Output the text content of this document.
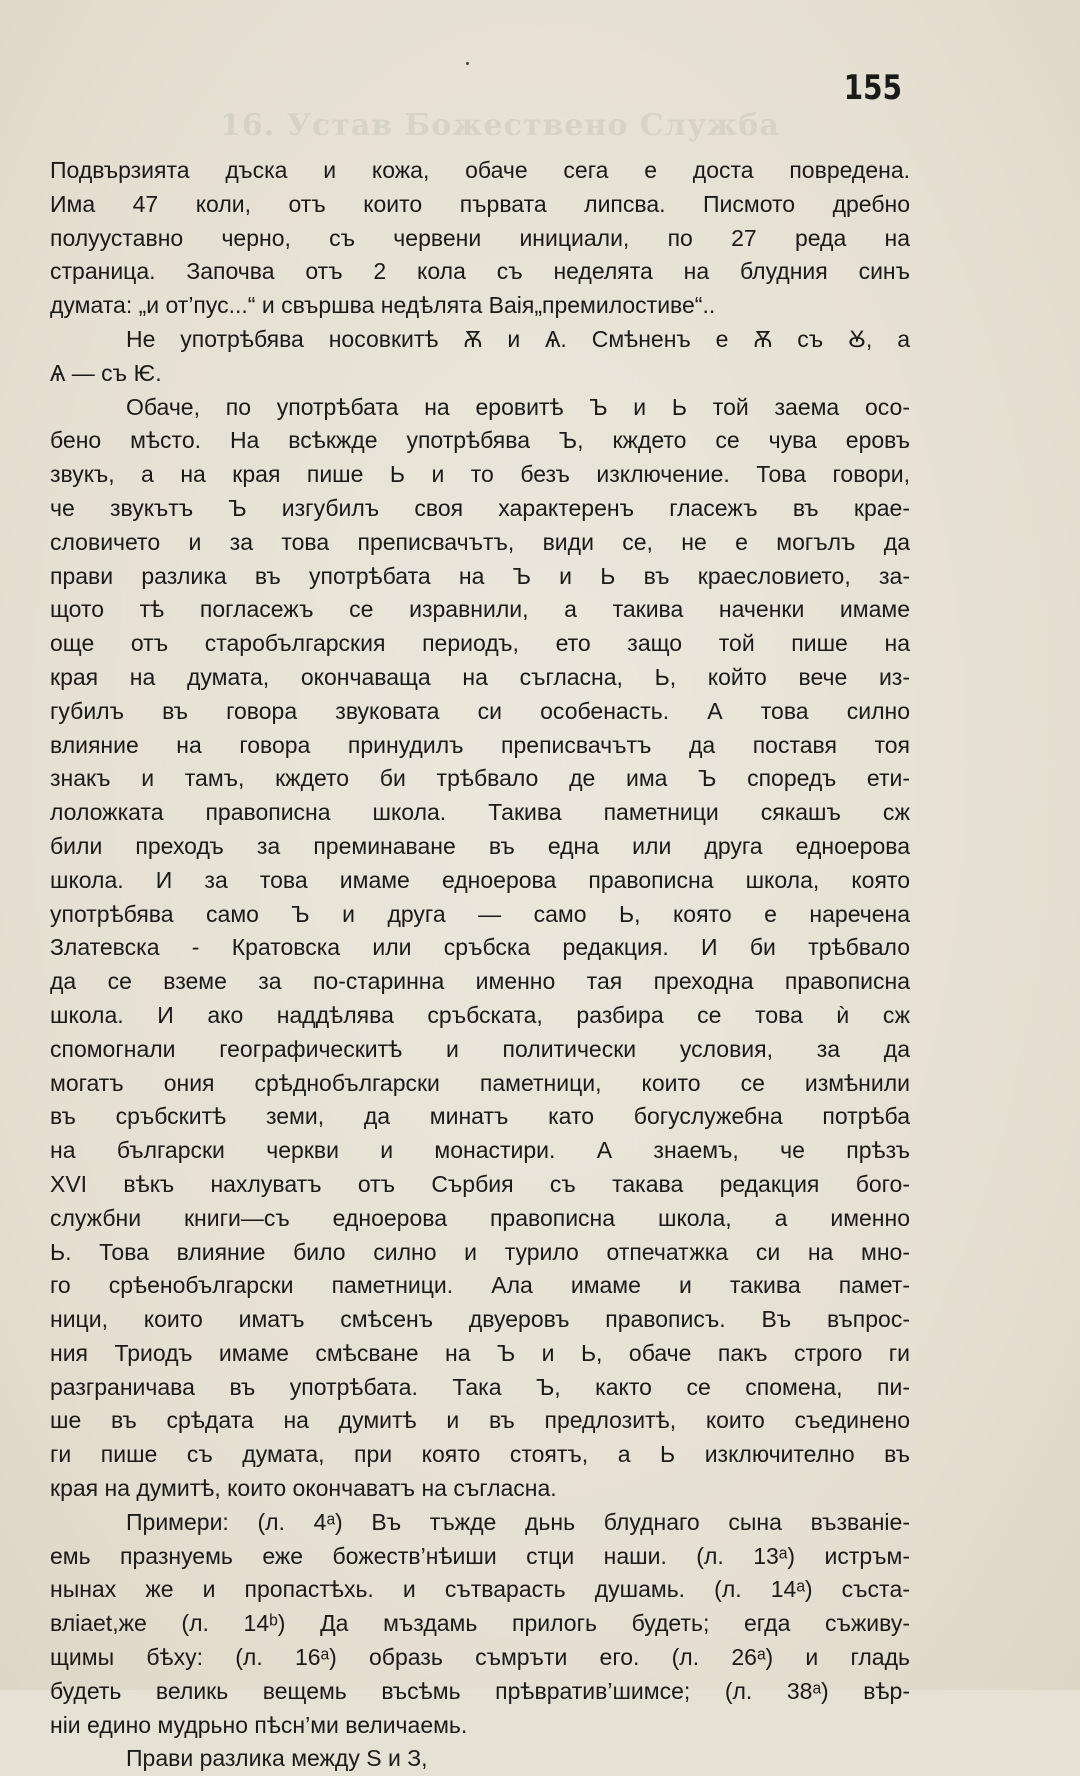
16. Устав Божествено Служба
155
Подвързията дъска и кожа, обаче сега е доста повредена.
Има 47 коли, отъ които първата липсва. Писмото дребно
полууставно черно, съ червени инициали, по 27 реда на
страница. Започва отъ 2 кола съ неделята на блудния синъ
думата: „и от’пус...“ и свършва недѣлята Ваія„премилостиве“..
Не употрѣбява носовкитѣ Ѫ и Ѧ. Смѣненъ е Ѫ съ Ꙋ, а
Ѧ — съ Ѥ.
Обаче, по употрѣбата на еровитѣ Ъ и Ь той заема осо-
бено мѣсто. На всѣкждe употрѣбява Ъ, кждето се чува еровъ
звукъ, а на края пише Ь и то безъ изключение. Това говори,
че звукътъ Ъ изгубилъ своя характеренъ гласежъ въ крае-
словичето и за това преписвачътъ, види се, не е могълъ да
прави разлика въ употрѣбата на Ъ и Ь въ краесловието, за-
щото тѣ погласежъ се изравнили, а такива наченки имаме
още отъ старобългарския периодъ, ето защо той пише на
края на думата, окончаваща на съгласна, Ь, който вече из-
губилъ въ говора звуковата си особенасть. А това силно
влияние на говора принудилъ преписвачътъ да поставя тоя
знакъ и тамъ, кждето би трѣбвало де има Ъ споредъ ети-
лоложката правописна школа. Такива паметници сякашъ сж
били преходъ за преминаване въ една или друга едноерова
школа. И за това имаме едноерова правописна школа, която
употрѣбява само Ъ и друга — само Ь, която е наречена
Златевска - Кратовска или сръбска редакция. И би трѣбвало
да се вземе за по-старинна именно тая преходна правописна
школа. И ако наддѣлява сръбската, разбира се това ѝ сж
спомогнали географическитѣ и политически условия, за да
могатъ ония срѣднобългарски паметници, които се измѣнили
въ сръбскитѣ земи, да минатъ като богуслужебна потрѣба
на български черкви и монастири. А знаемъ, че прѣзъ
XVI вѣкъ нахлуватъ отъ Сърбия съ такава редакция бого-
службни книги—съ едноерова правописна школа, а именно
Ь. Това влияние било силно и турило отпечатжка си на мно-
го срѣенобългарски паметници. Ала имаме и такива памет-
ници, които иматъ смѣсенъ двуеровъ правописъ. Въ въпрос-
ния Триодъ имаме смѣсване на Ъ и Ь, обаче пакъ строго ги
разграничава въ употрѣбата. Така Ъ, както се спомена, пи-
ше въ срѣдата на думитѣ и въ предлозитѣ, които съединено
ги пише съ думата, при която стоятъ, а Ь изключително въ
края на думитѣ, които окончаватъ на съгласна.
Примери: (л. 4ᵃ) Въ тъжде дьнь блуднаго сына възванiе-
емь празнуемь еже божеств’нѣиши стци наши. (л. 13ᵃ) истръм-
нынах же и пропастѣхь. и сътварасть душамь. (л. 14ᵃ) състa-
вліаеt,же (л. 14ᵇ) Да мъздамь прилогь будеть; егда съживу-
щимы бѣху: (л. 16ᵃ) образь съмръти его. (л. 26ᵃ) и гладь
будеть великь вещемь въсѣмь прѣвратив’шимсе; (л. 38ᵃ) вѣр-
нiи едино мудрьно пѣсн’ми величаемь.
Прави разлика между Ѕ и З,
